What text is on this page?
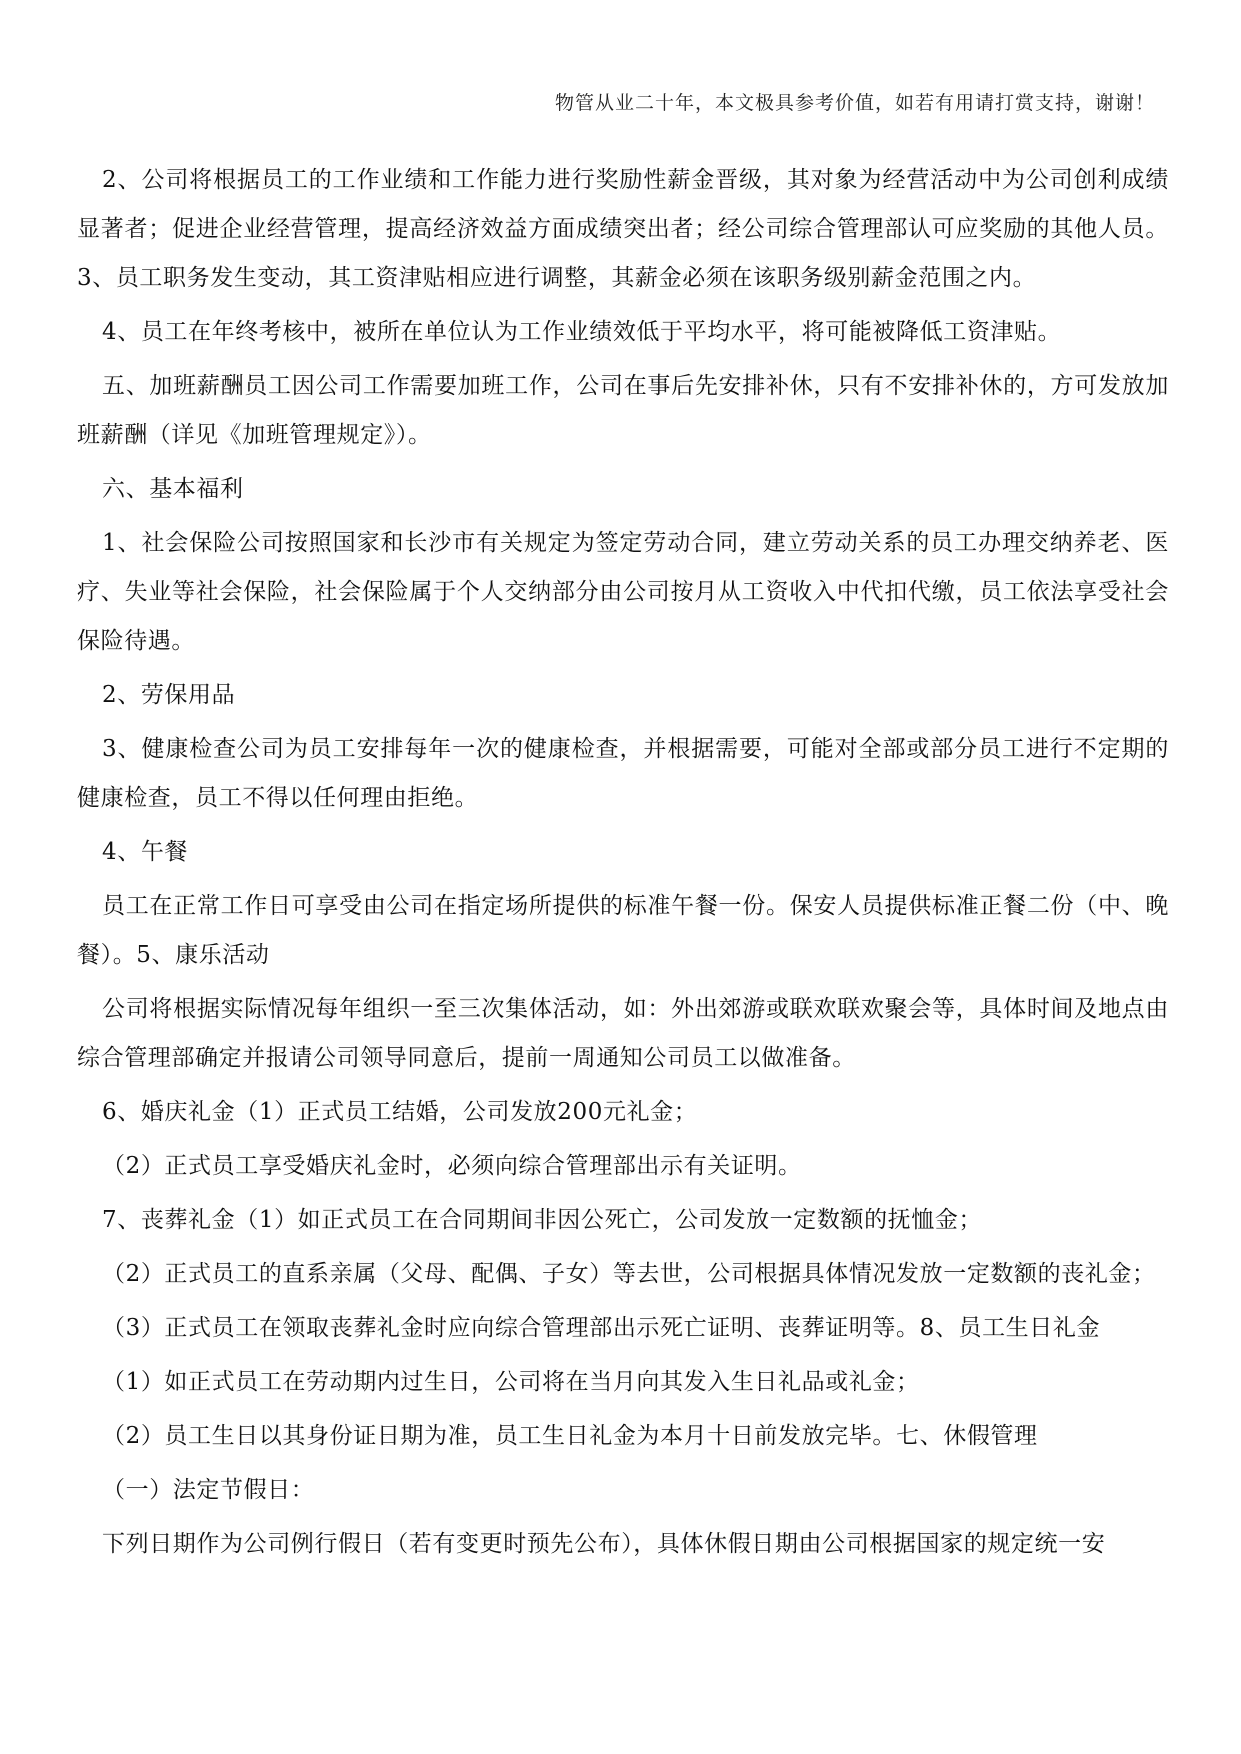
物管从业二十年，本文极具参考价值，如若有用请打赏支持，谢谢！

2、公司将根据员工的工作业绩和工作能力进行奖励性薪金晋级，其对象为经营活动中为公司创利成绩显著者；促进企业经营管理，提高经济效益方面成绩突出者；经公司综合管理部认可应奖励的其他人员。3、员工职务发生变动，其工资津贴相应进行调整，其薪金必须在该职务级别薪金范围之内。

4、员工在年终考核中，被所在单位认为工作业绩效低于平均水平，将可能被降低工资津贴。

五、加班薪酬员工因公司工作需要加班工作，公司在事后先安排补休，只有不安排补休的，方可发放加班薪酬（详见《加班管理规定》）。

六、基本福利

1、社会保险公司按照国家和长沙市有关规定为签定劳动合同，建立劳动关系的员工办理交纳养老、医疗、失业等社会保险，社会保险属于个人交纳部分由公司按月从工资收入中代扣代缴，员工依法享受社会保险待遇。

2、劳保用品

3、健康检查公司为员工安排每年一次的健康检查，并根据需要，可能对全部或部分员工进行不定期的健康检查，员工不得以任何理由拒绝。

4、午餐

员工在正常工作日可享受由公司在指定场所提供的标准午餐一份。保安人员提供标准正餐二份（中、晚餐）。5、康乐活动

公司将根据实际情况每年组织一至三次集体活动，如：外出郊游或联欢联欢聚会等，具体时间及地点由综合管理部确定并报请公司领导同意后，提前一周通知公司员工以做准备。

6、婚庆礼金（1）正式员工结婚，公司发放200元礼金；

（2）正式员工享受婚庆礼金时，必须向综合管理部出示有关证明。

7、丧葬礼金（1）如正式员工在合同期间非因公死亡，公司发放一定数额的抚恤金；

（2）正式员工的直系亲属（父母、配偶、子女）等去世，公司根据具体情况发放一定数额的丧礼金；

（3）正式员工在领取丧葬礼金时应向综合管理部出示死亡证明、丧葬证明等。8、员工生日礼金

（1）如正式员工在劳动期内过生日，公司将在当月向其发入生日礼品或礼金；

（2）员工生日以其身份证日期为准，员工生日礼金为本月十日前发放完毕。七、休假管理

（一）法定节假日：

下列日期作为公司例行假日（若有变更时预先公布），具体休假日期由公司根据国家的规定统一安
